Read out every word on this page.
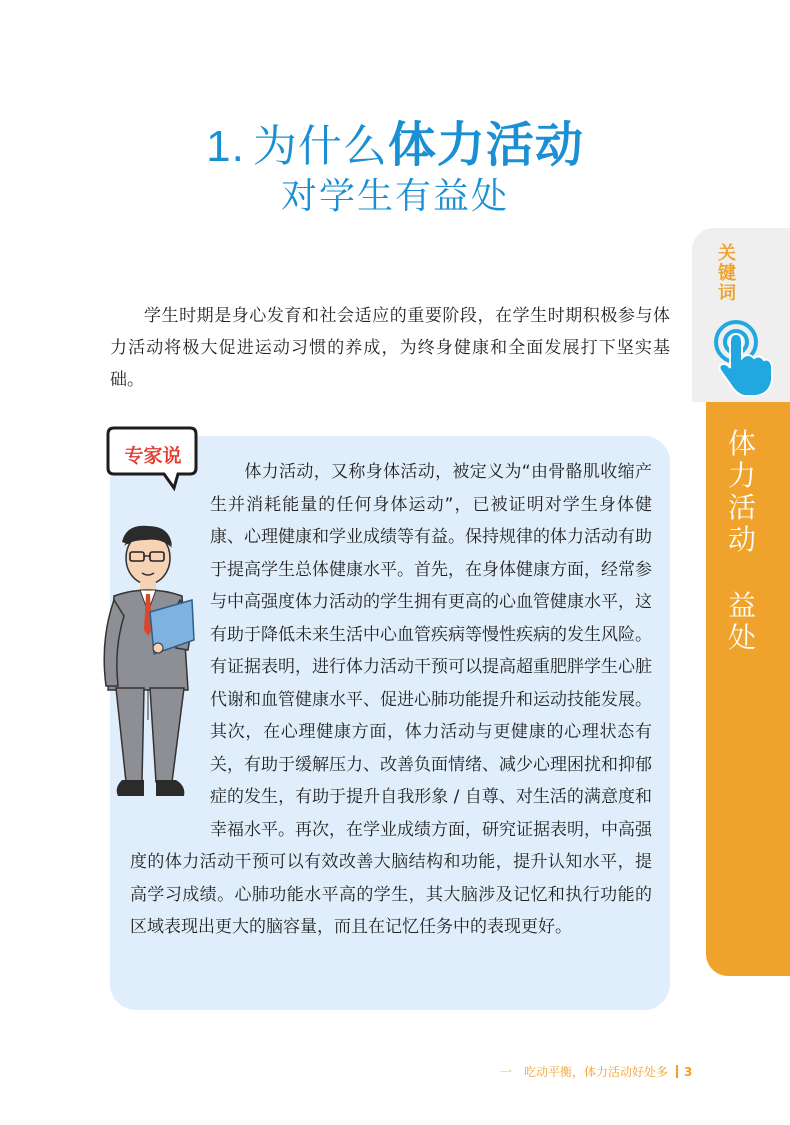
1. 为什么体力活动
对学生有益处

学生时期是身心发育和社会适应的重要阶段，在学生时期积极参与体力活动将极大促进运动习惯的养成，为终身健康和全面发展打下坚实基础。

专家说

体力活动，又称身体活动，被定义为“由骨骼肌收缩产生并消耗能量的任何身体运动”，已被证明对学生身体健康、心理健康和学业成绩等有益。保持规律的体力活动有助于提高学生总体健康水平。首先，在身体健康方面，经常参与中高强度体力活动的学生拥有更高的心血管健康水平，这有助于降低未来生活中心血管疾病等慢性疾病的发生风险。有证据表明，进行体力活动干预可以提高超重肥胖学生心脏代谢和血管健康水平、促进心肺功能提升和运动技能发展。其次，在心理健康方面，体力活动与更健康的心理状态有关，有助于缓解压力、改善负面情绪、减少心理困扰和抑郁症的发生，有助于提升自我形象 / 自尊、对生活的满意度和幸福水平。再次，在学业成绩方面，研究证据表明，中高强度的体力活动干预可以有效改善大脑结构和功能，提升认知水平，提高学习成绩。心肺功能水平高的学生，其大脑涉及记忆和执行功能的区域表现出更大的脑容量，而且在记忆任务中的表现更好。

关
键
词
体
力
活
动
益
处
一　吃动平衡，体力活动好处多 3
